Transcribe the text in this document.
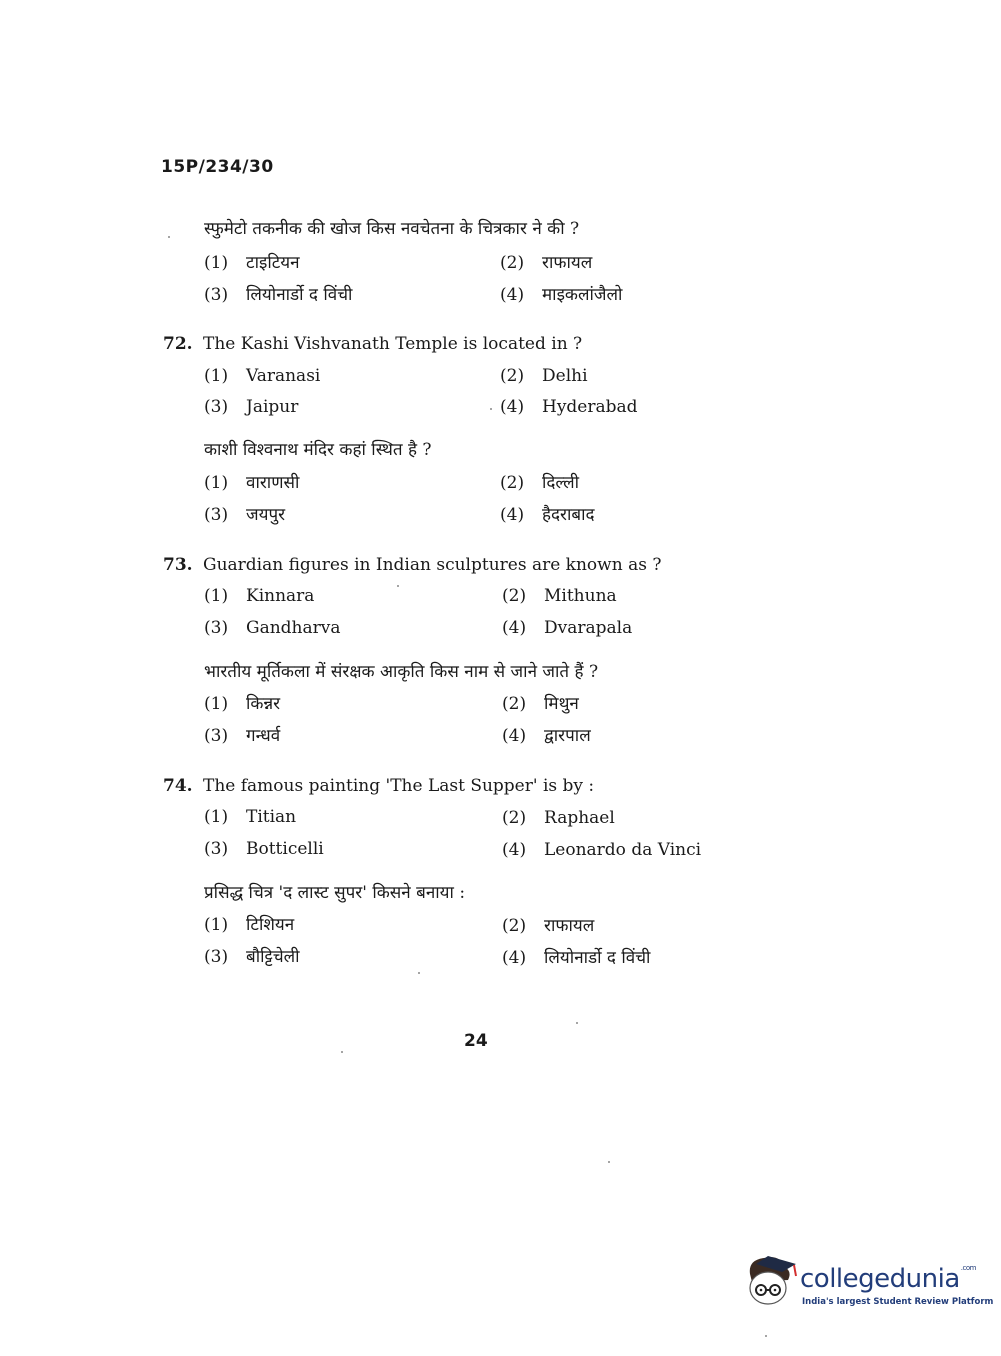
15P/234/30
स्फुमेटो तकनीक की खोज किस नवचेतना के चित्रकार ने की ?
(1) टाइटियन	(2) राफायल
(3) लियोनार्डो द विंची	(4) माइकलांजैलो
72. The Kashi Vishvanath Temple is located in ?
(1) Varanasi	(2) Delhi
(3) Jaipur	(4) Hyderabad
काशी विश्वनाथ मंदिर कहां स्थित है ?
(1) वाराणसी	(2) दिल्ली
(3) जयपुर	(4) हैदराबाद
73. Guardian figures in Indian sculptures are known as ?
(1) Kinnara	(2) Mithuna
(3) Gandharva	(4) Dvarapala
भारतीय मूर्तिकला में संरक्षक आकृति किस नाम से जाने जाते हैं ?
(1) किन्नर	(2) मिथुन
(3) गन्धर्व	(4) द्वारपाल
74. The famous painting 'The Last Supper' is by :
(1) Titian	(2) Raphael
(3) Botticelli	(4) Leonardo da Vinci
प्रसिद्ध चित्र 'द लास्ट सुपर' किसने बनाया :
(1) टिशियन	(2) राफायल
(3) बौट्टिचेली	(4) लियोनार्डो द विंची
24
collegedunia$^{.com}$
India's largest Student Review Platform
